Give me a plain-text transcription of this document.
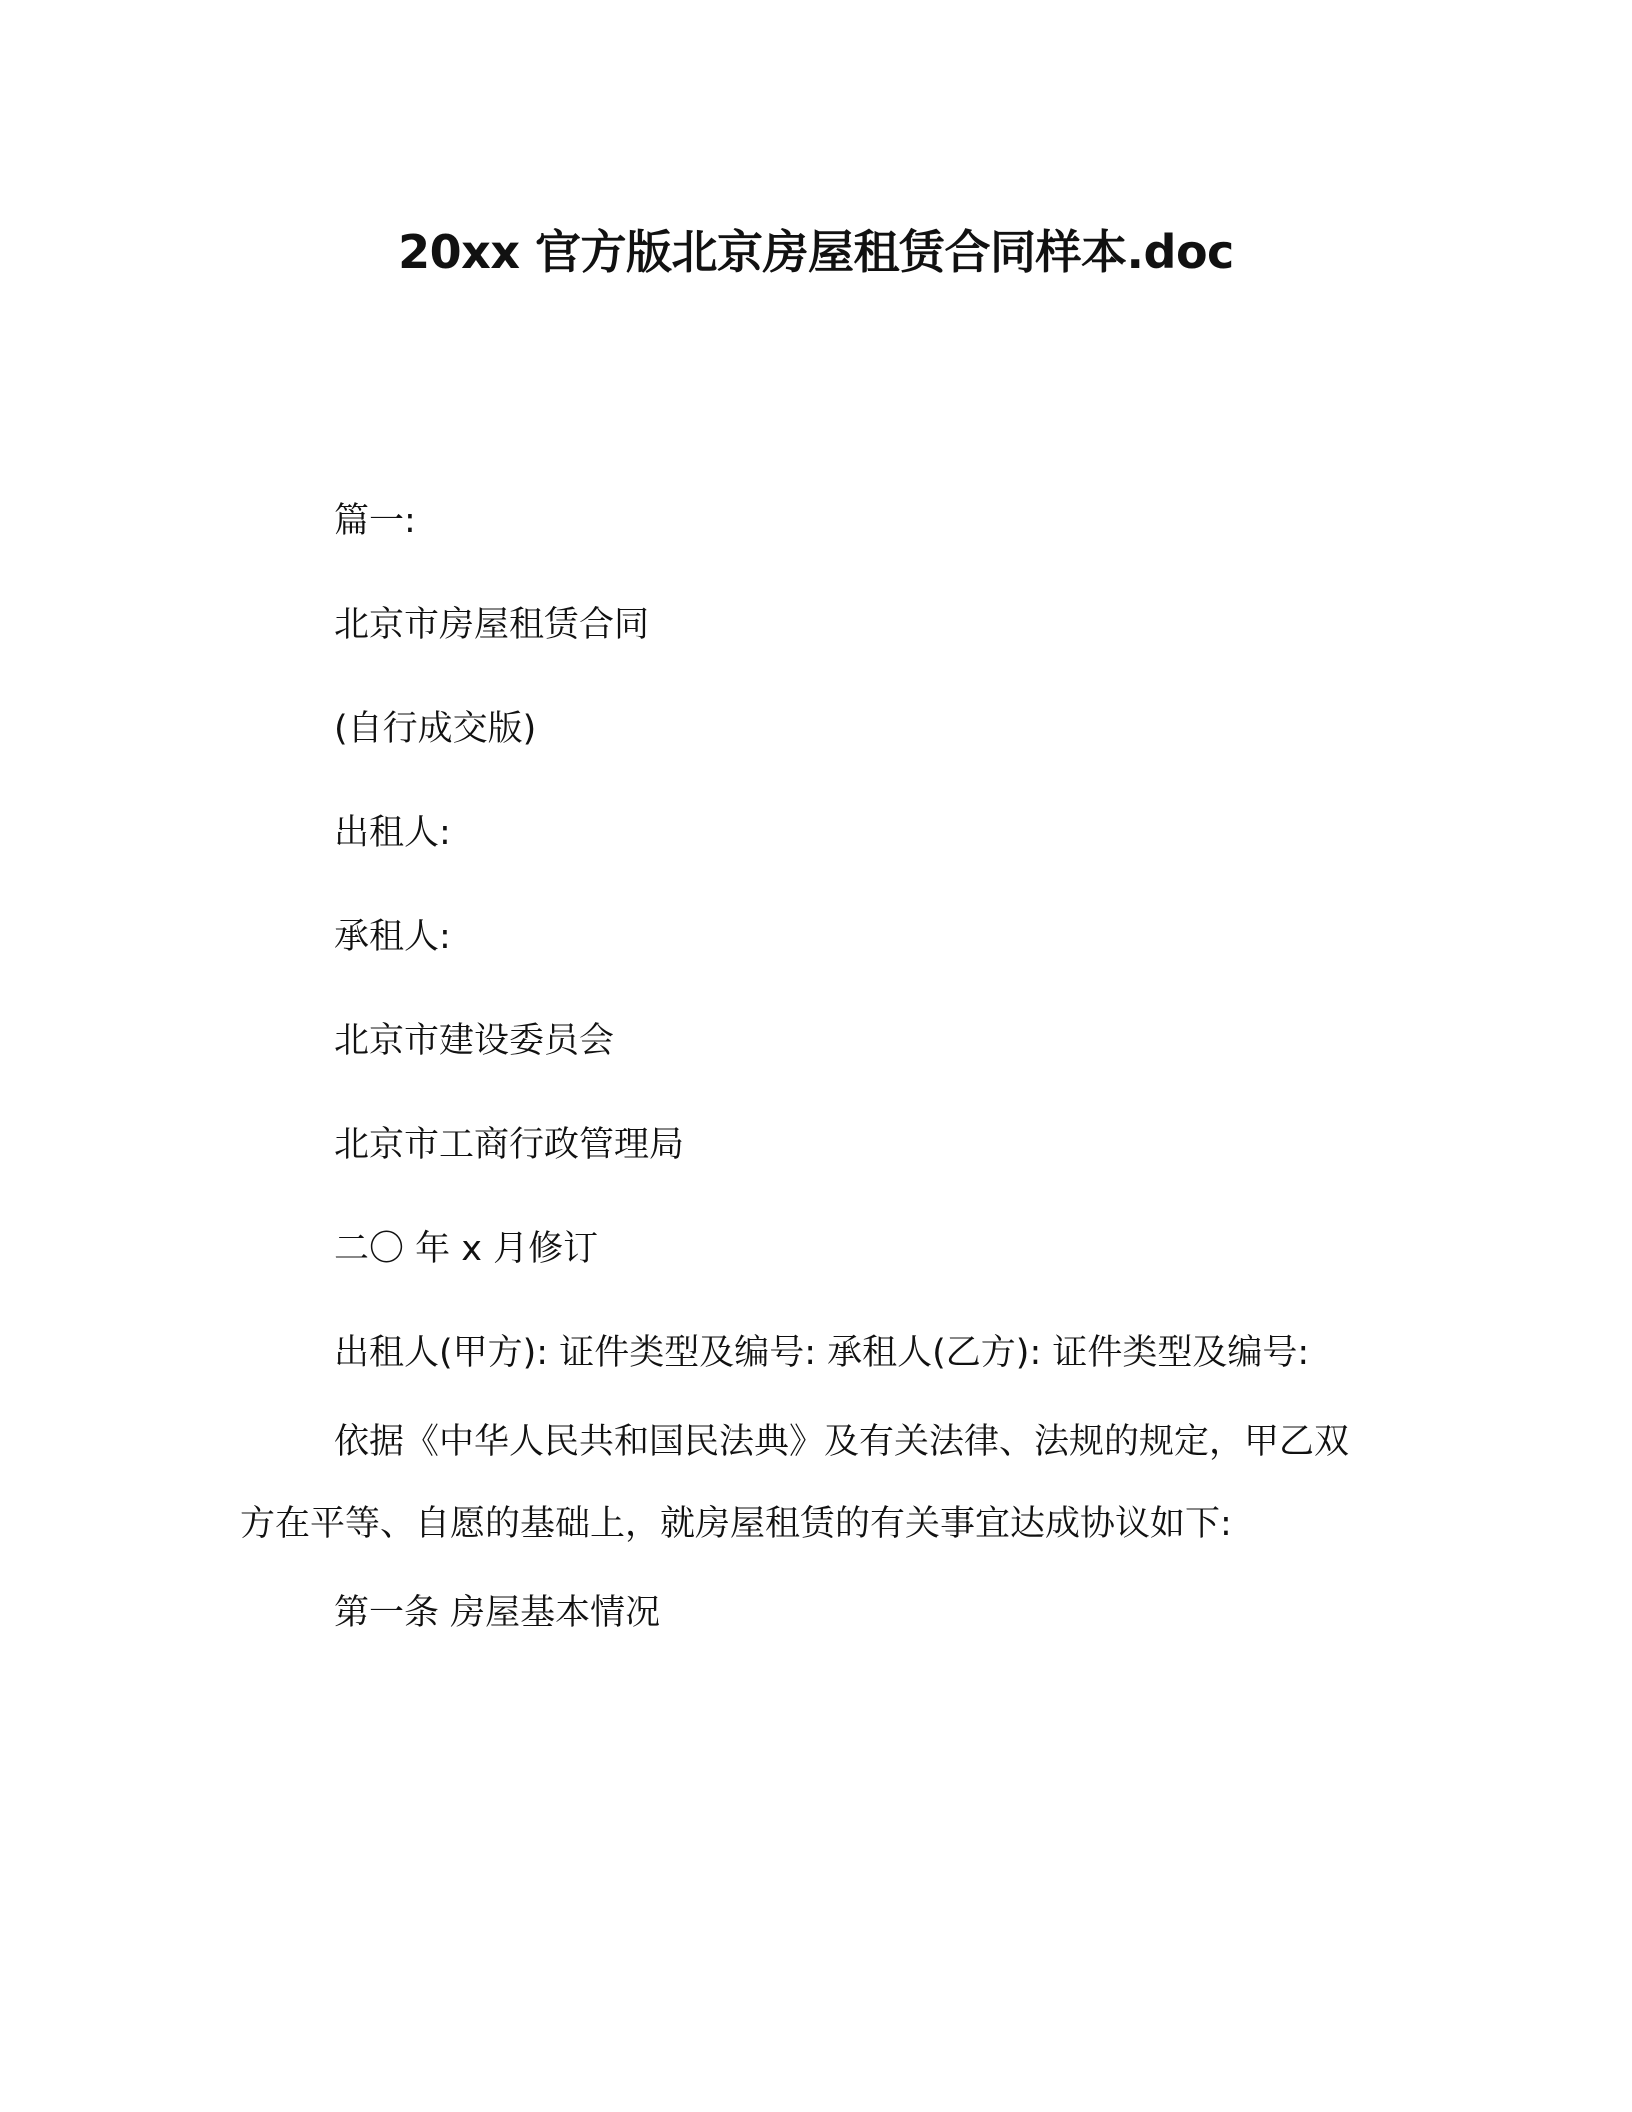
20xx 官方版北京房屋租赁合同样本.doc

篇一:

北京市房屋租赁合同

(自行成交版)

出租人:

承租人:

北京市建设委员会

北京市工商行政管理局

二〇 年 x 月修订

出租人(甲方): 证件类型及编号: 承租人(乙方): 证件类型及编号:

依据《中华人民共和国民法典》及有关法律、法规的规定，甲乙双方在平等、自愿的基础上，就房屋租赁的有关事宜达成协议如下:

第一条 房屋基本情况
